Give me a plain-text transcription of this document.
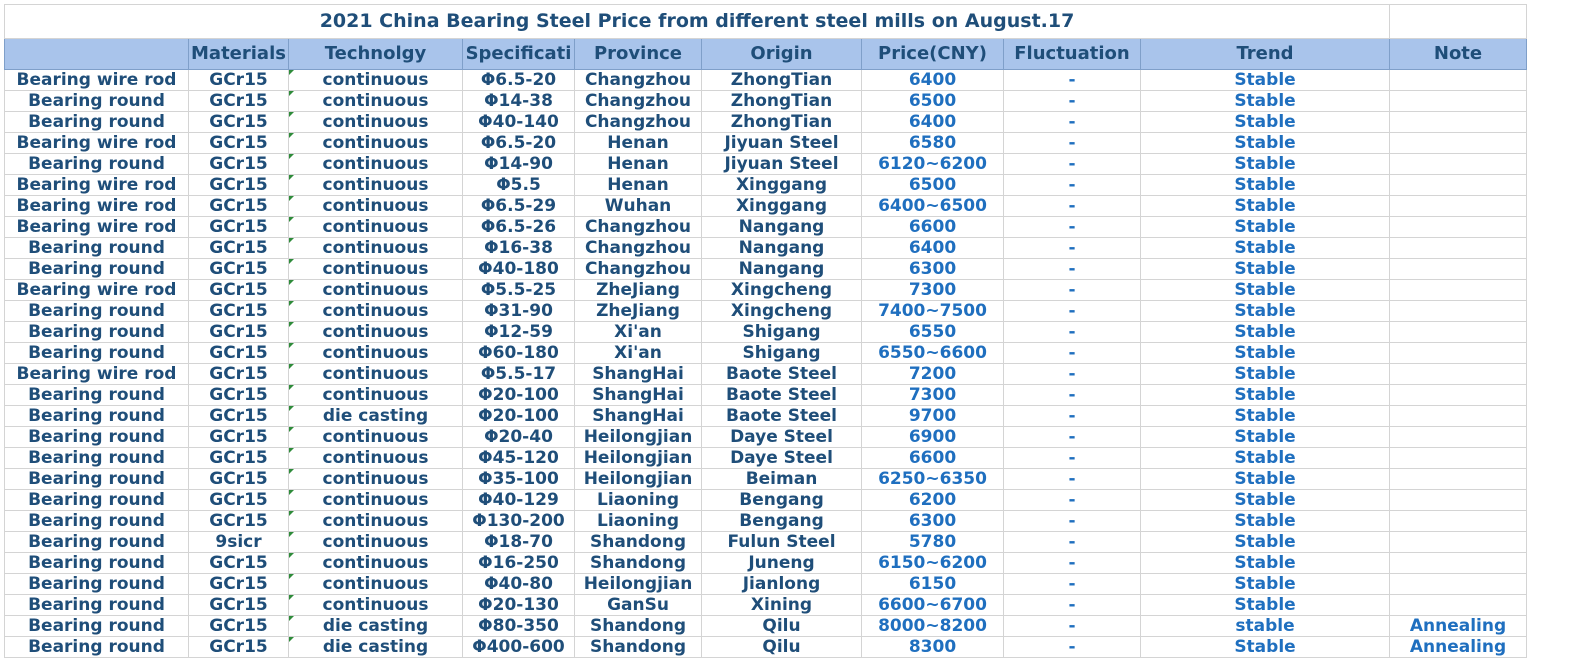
2021 China Bearing Steel Price from different steel mills on August.17									
	Materials	Technolgy	Specificati	Province	Origin	Price(CNY)	Fluctuation	Trend	Note
Bearing wire rod	GCr15	continuous	Φ6.5-20	Changzhou	ZhongTian	6400	-	Stable	
Bearing round	GCr15	continuous	Φ14-38	Changzhou	ZhongTian	6500	-	Stable	
Bearing round	GCr15	continuous	Φ40-140	Changzhou	ZhongTian	6400	-	Stable	
Bearing wire rod	GCr15	continuous	Φ6.5-20	Henan	Jiyuan Steel	6580	-	Stable	
Bearing round	GCr15	continuous	Φ14-90	Henan	Jiyuan Steel	6120~6200	-	Stable	
Bearing wire rod	GCr15	continuous	Φ5.5	Henan	Xinggang	6500	-	Stable	
Bearing wire rod	GCr15	continuous	Φ6.5-29	Wuhan	Xinggang	6400~6500	-	Stable	
Bearing wire rod	GCr15	continuous	Φ6.5-26	Changzhou	Nangang	6600	-	Stable	
Bearing round	GCr15	continuous	Φ16-38	Changzhou	Nangang	6400	-	Stable	
Bearing round	GCr15	continuous	Φ40-180	Changzhou	Nangang	6300	-	Stable	
Bearing wire rod	GCr15	continuous	Φ5.5-25	ZheJiang	Xingcheng	7300	-	Stable	
Bearing round	GCr15	continuous	Φ31-90	ZheJiang	Xingcheng	7400~7500	-	Stable	
Bearing round	GCr15	continuous	Φ12-59	Xi'an	Shigang	6550	-	Stable	
Bearing round	GCr15	continuous	Φ60-180	Xi'an	Shigang	6550~6600	-	Stable	
Bearing wire rod	GCr15	continuous	Φ5.5-17	ShangHai	Baote Steel	7200	-	Stable	
Bearing round	GCr15	continuous	Φ20-100	ShangHai	Baote Steel	7300	-	Stable	
Bearing round	GCr15	die casting	Φ20-100	ShangHai	Baote Steel	9700	-	Stable	
Bearing round	GCr15	continuous	Φ20-40	Heilongjian	Daye Steel	6900	-	Stable	
Bearing round	GCr15	continuous	Φ45-120	Heilongjian	Daye Steel	6600	-	Stable	
Bearing round	GCr15	continuous	Φ35-100	Heilongjian	Beiman	6250~6350	-	Stable	
Bearing round	GCr15	continuous	Φ40-129	Liaoning	Bengang	6200	-	Stable	
Bearing round	GCr15	continuous	Φ130-200	Liaoning	Bengang	6300	-	Stable	
Bearing round	9sicr	continuous	Φ18-70	Shandong	Fulun Steel	5780	-	Stable	
Bearing round	GCr15	continuous	Φ16-250	Shandong	Juneng	6150~6200	-	Stable	
Bearing round	GCr15	continuous	Φ40-80	Heilongjian	Jianlong	6150	-	Stable	
Bearing round	GCr15	continuous	Φ20-130	GanSu	Xining	6600~6700	-	Stable	
Bearing round	GCr15	die casting	Φ80-350	Shandong	Qilu	8000~8200	-	stable	Annealing
Bearing round	GCr15	die casting	Φ400-600	Shandong	Qilu	8300	-	Stable	Annealing
